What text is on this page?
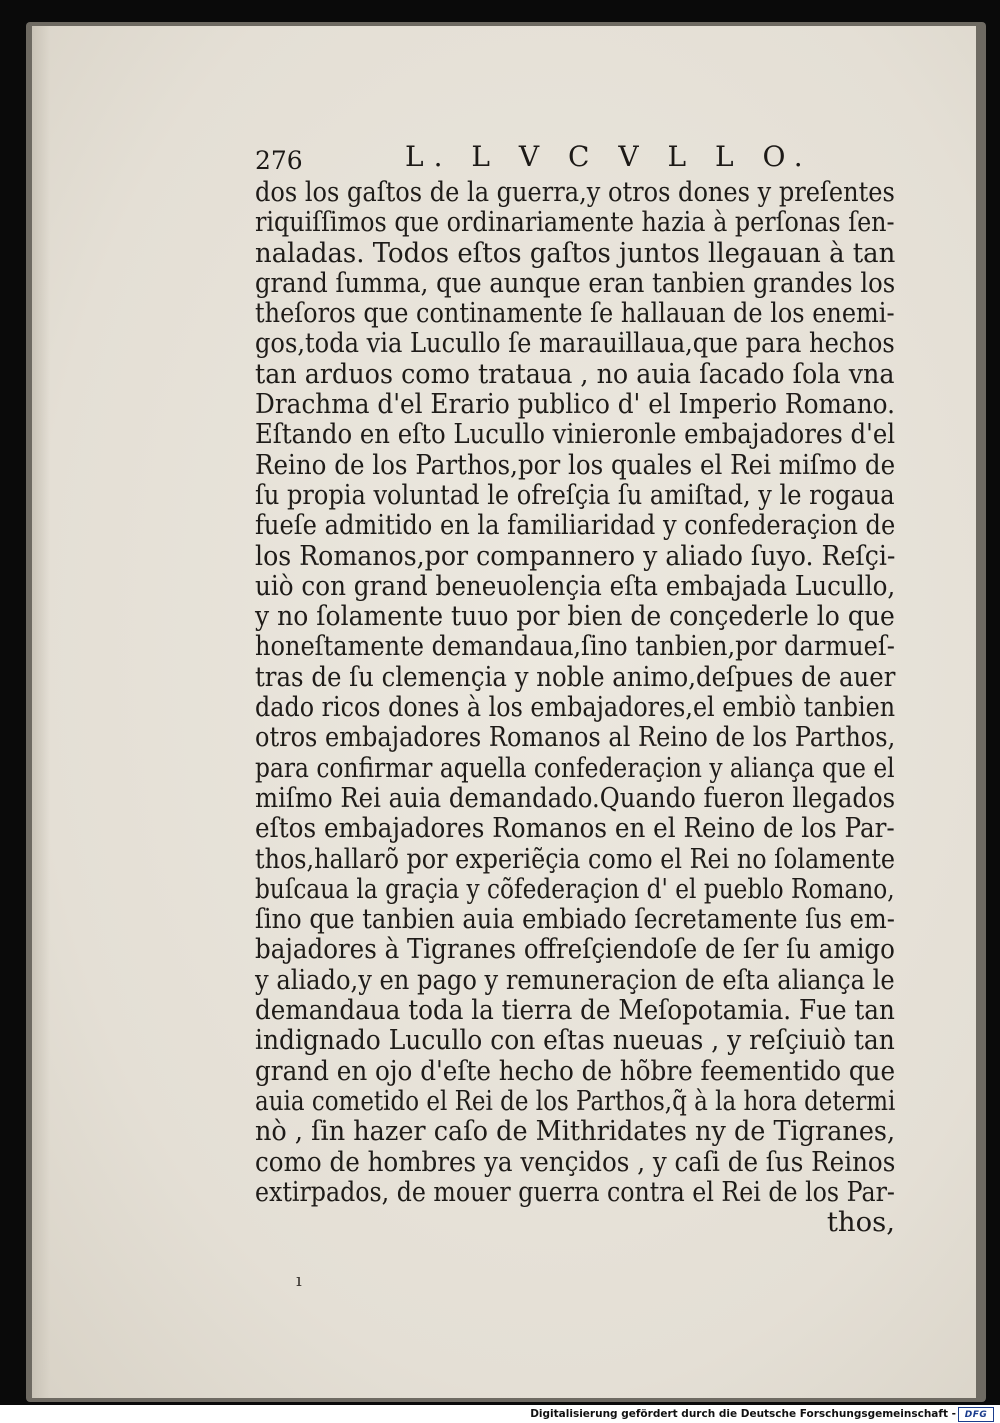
276	L. L V C V L L O.
dos los gaſtos de la guerra,y otros dones y preſentes
riquiſſimos que ordinariamente hazia à perſonas ſen-
naladas. Todos eſtos gaſtos juntos llegauan à tan
grand ſumma, que aunque eran tanbien grandes los
theſoros que continamente ſe hallauan de los enemi-
gos,toda via Lucullo ſe marauillaua,que para hechos
tan arduos como trataua , no auia ſacado ſola vna
Drachma d'el Erario publico d' el Imperio Romano.
Eſtando en eſto Lucullo vinieronle embajadores d'el
Reino de los Parthos,por los quales el Rei miſmo de
ſu propia voluntad le ofreſçia ſu amiſtad, y le rogaua
fueſe admitido en la familiaridad y confederaçion de
los Romanos,por compannero y aliado ſuyo. Reſçi-
uiò con grand beneuolençia eſta embajada Lucullo,
y no ſolamente tuuo por bien de conçederle lo que
honeſtamente demandaua,ſino tanbien,por darmueſ-
tras de ſu clemençia y noble animo,deſpues de auer
dado ricos dones à los embajadores,el embiò tanbien
otros embajadores Romanos al Reino de los Parthos,
para confirmar aquella confederaçion y aliança que el
miſmo Rei auia demandado.Quando fueron llegados
eſtos embajadores Romanos en el Reino de los Par-
thos,hallarõ por experiẽçia como el Rei no ſolamente
buſcaua la graçia y cõfederaçion d' el pueblo Romano,
ſino que tanbien auia embiado ſecretamente ſus em-
bajadores à Tigranes offreſçiendoſe de ſer ſu amigo
y aliado,y en pago y remuneraçion de eſta aliança le
demandaua toda la tierra de Meſopotamia. Fue tan
indignado Lucullo con eſtas nueuas , y reſçiuiò tan
grand en ojo d'eſte hecho de hõbre feementido que
auia cometido el Rei de los Parthos,q̃ à la hora determi
nò , ſin hazer caſo de Mithridates ny de Tigranes,
como de hombres ya vençidos , y caſi de ſus Reinos
extirpados, de mouer guerra contra el Rei de los Par-
thos,
ı
Digitalisierung gefördert durch die Deutsche Forschungsgemeinschaft - DFG
